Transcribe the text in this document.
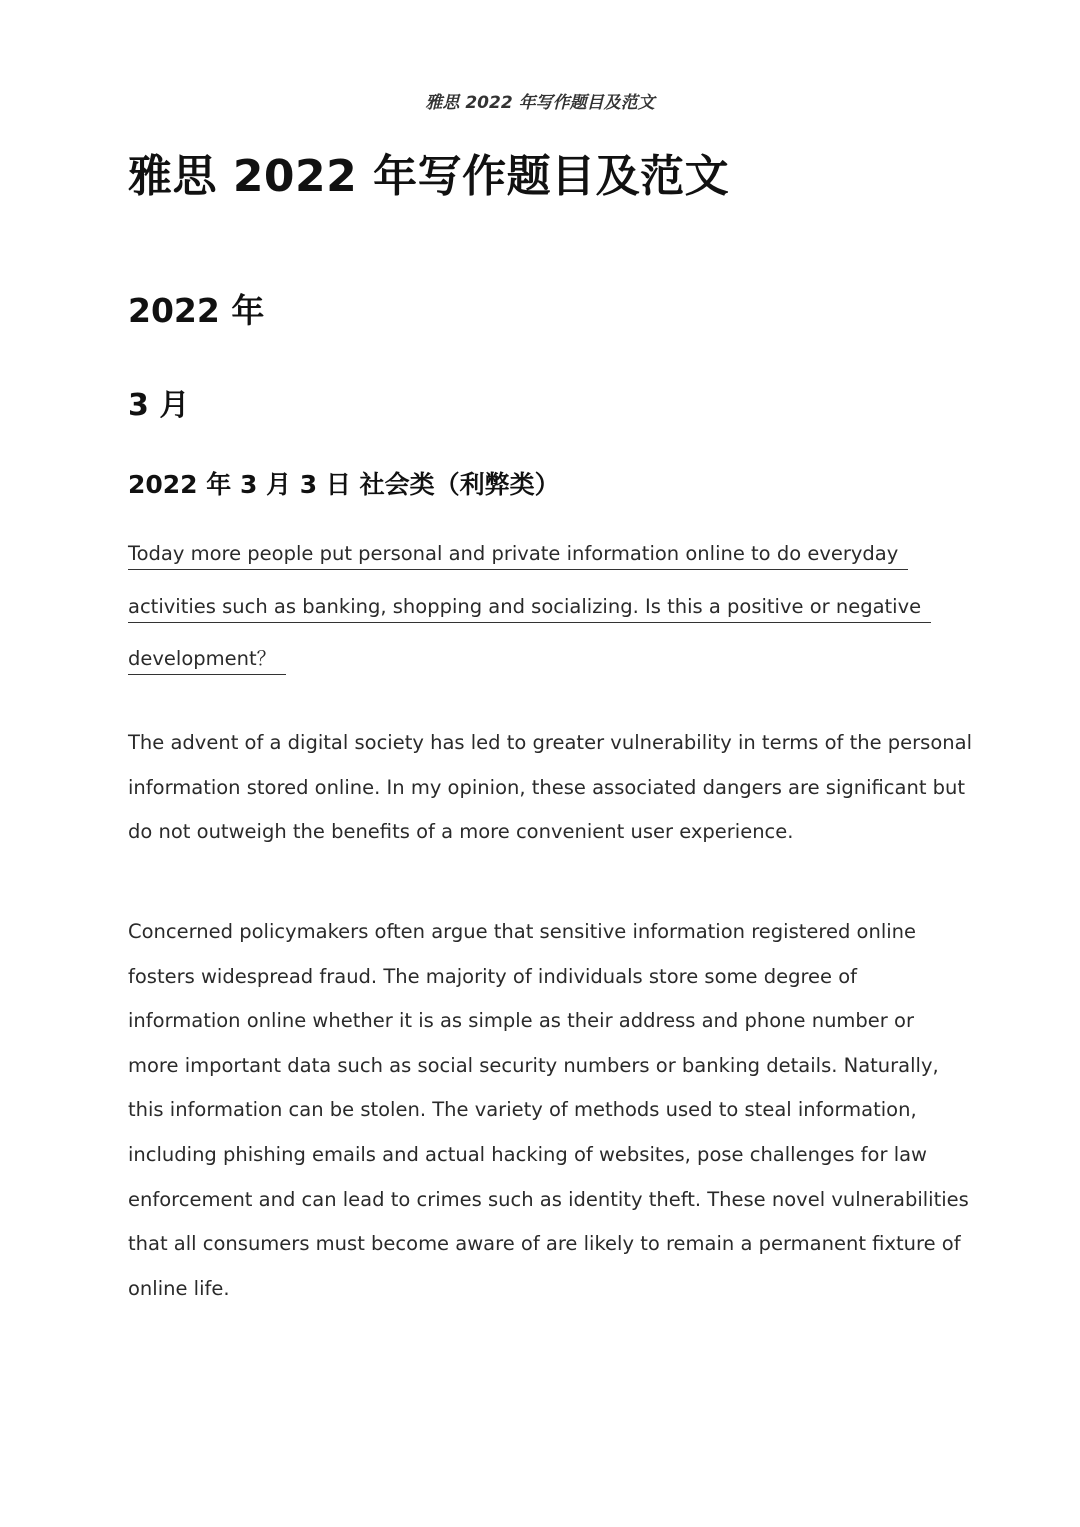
雅思 2022 年写作题目及范文
雅思 2022 年写作题目及范文
2022 年
3 月
2022 年 3 月 3 日 社会类（利弊类）
Today more people put personal and private information online to do everyday
activities such as banking, shopping and socializing. Is this a positive or negative
development？
The advent of a digital society has led to greater vulnerability in terms of the personal
information stored online. In my opinion, these associated dangers are significant but
do not outweigh the benefits of a more convenient user experience.
Concerned policymakers often argue that sensitive information registered online
fosters widespread fraud. The majority of individuals store some degree of
information online whether it is as simple as their address and phone number or
more important data such as social security numbers or banking details. Naturally,
this information can be stolen. The variety of methods used to steal information,
including phishing emails and actual hacking of websites, pose challenges for law
enforcement and can lead to crimes such as identity theft. These novel vulnerabilities
that all consumers must become aware of are likely to remain a permanent fixture of
online life.
